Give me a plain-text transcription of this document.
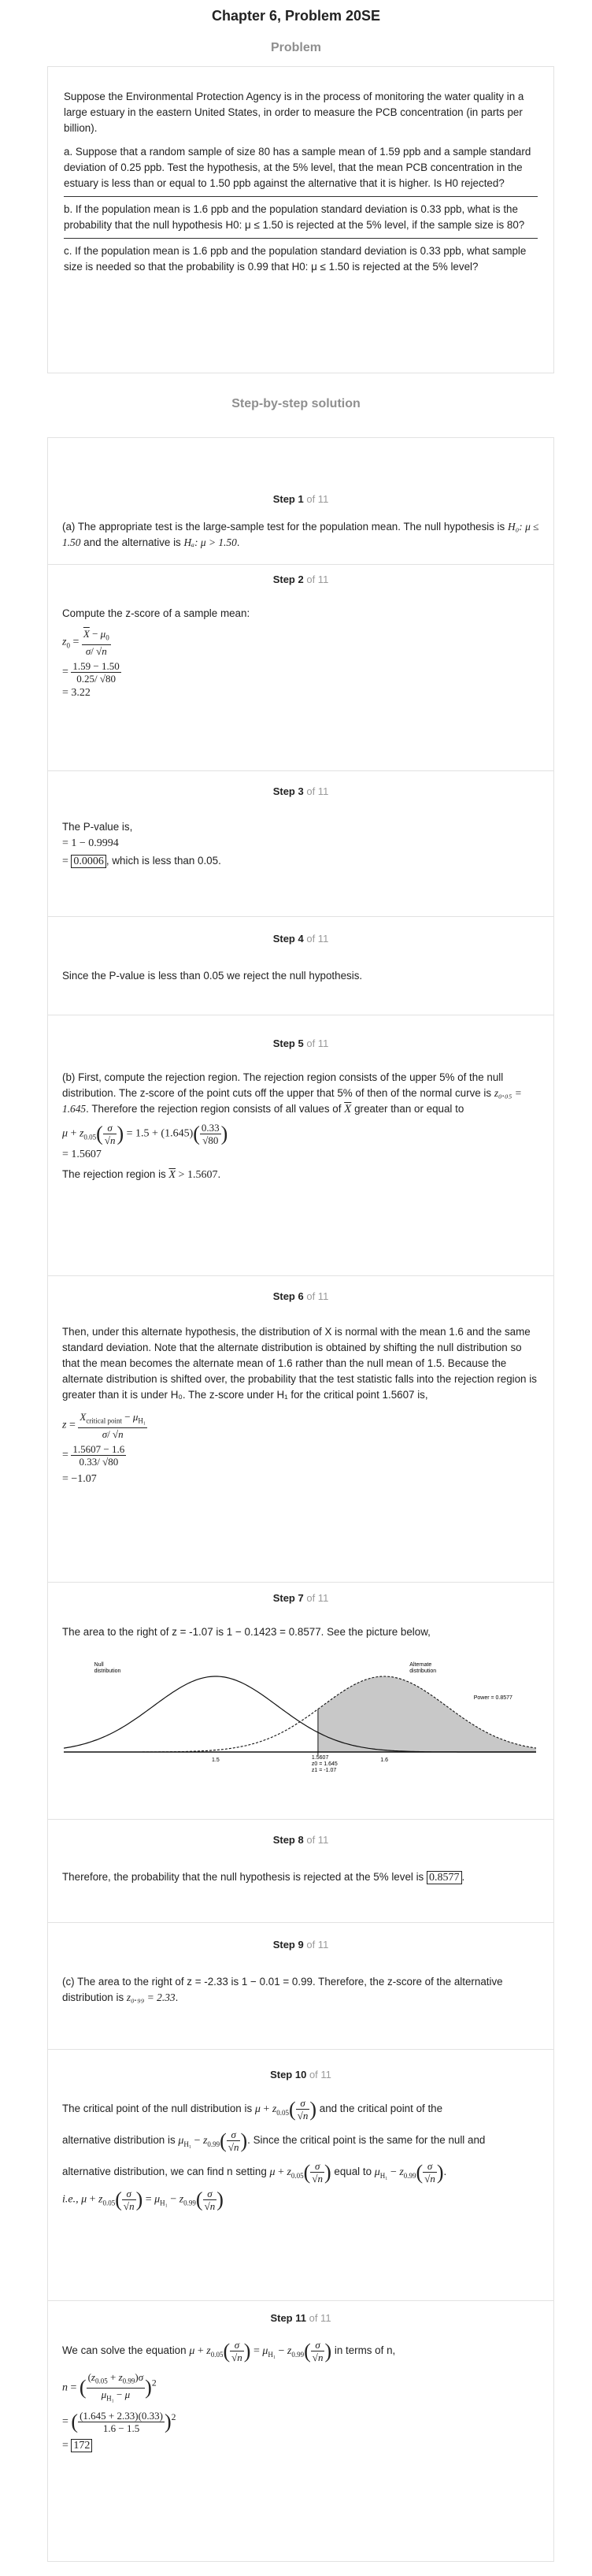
Chapter 6, Problem 20SE
Problem

Suppose the Environmental Protection Agency is in the process of monitoring the water quality in a large estuary in the eastern United States, in order to measure the PCB concentration (in parts per billion).

a. Suppose that a random sample of size 80 has a sample mean of 1.59 ppb and a sample standard deviation of 0.25 ppb. Test the hypothesis, at the 5% level, that the mean PCB concentration in the estuary is less than or equal to 1.50 ppb against the alternative that it is higher. Is H0 rejected?

b. If the population mean is 1.6 ppb and the population standard deviation is 0.33 ppb, what is the probability that the null hypothesis H0: μ ≤ 1.50 is rejected at the 5% level, if the sample size is 80?

c. If the population mean is 1.6 ppb and the population standard deviation is 0.33 ppb, what sample size is needed so that the probability is 0.99 that H0: μ ≤ 1.50 is rejected at the 5% level?

Step-by-step solution
Step 1 of 11
(a) The appropriate test is the large-sample test for the population mean. The null hypothesis is H₀: μ ≤ 1.50 and the alternative is Hₐ: μ > 1.50.
Step 2 of 11
Compute the z-score of a sample mean:
$z_0 = \frac{\overline{X} - \mu_0}{\sigma/ √n}$
= $\frac{1.59 - 1.50}{0.25/ √80}$
= 3.22
Step 3 of 11
The P-value is,
= 1 − 0.9994
= 0.0006 , which is less than 0.05.
Step 4 of 11
Since the P-value is less than 0.05 we reject the null hypothesis.
Step 5 of 11
(b) First, compute the rejection region. The rejection region consists of the upper 5% of the null distribution. The z-score of the point cuts off the upper that 5% of then of the normal curve is z₀.₀₅ = 1.645. Therefore the rejection region consists of all values of $\overline{X}$ greater than or equal to
$\mu + z_{0.05}( \frac{\sigma}{√n}$ ) = $1.5 + (1.645)( \frac{0.33}{√80}$ )
= 1.5607
The rejection region is $\overline{X} > 1.5607$.
Step 6 of 11
Then, under this alternate hypothesis, the distribution of X is normal with the mean 1.6 and the same standard deviation. Note that the alternate distribution is obtained by shifting the null distribution so that the mean becomes the alternate mean of 1.6 rather than the null mean of 1.5. Because the alternate distribution is shifted over, the probability that the test statistic falls into the rejection region is greater than it is under H₀. The z-score under H₁ for the critical point 1.5607 is,
$z = \frac{X_{critical point} - \mu_{H_1}}{\sigma/ √n}$
= $\frac{1.5607 - 1.6}{0.33/ √80}$
= −1.07
Step 7 of 11
The area to the right of z = -1.07 is 1 − 0.1423 = 0.8577. See the picture below,
Null
distribution
Alternate
distribution
Power = 0.8577
1.5	1.5607
z0 = 1.645
z1 = -1.07
1.6
Step 8 of 11
Therefore, the probability that the null hypothesis is rejected at the 5% level is 0.8577 .
Step 9 of 11
(c) The area to the right of z = -2.33 is 1 − 0.01 = 0.99. Therefore, the z-score of the alternative distribution is z₀.₉₉ = 2.33.
Step 10 of 11
The critical point of the null distribution is $\mu + z_{0.05}( \frac{\sigma}{√n}$ ) and the critical point of the
alternative distribution is $\mu_{H_1} - z_{0.99}( \frac{\sigma}{√n}$ ). Since the critical point is the same for the null and
alternative distribution, we can find n setting $\mu + z_{0.05}( \frac{\sigma}{√n}$ ) equal to $\mu_{H_1} - z_{0.99}( \frac{\sigma}{√n}$ ).
i.e., $\mu + z_{0.05}( \frac{\sigma}{√n}$ ) = $\mu_{H_1} - z_{0.99}( \frac{\sigma}{√n}$ )
Step 11 of 11
We can solve the equation $\mu + z_{0.05}( \frac{\sigma}{√n}$ ) = $\mu_{H_1} - z_{0.99}( \frac{\sigma}{√n}$ ) in terms of n,
n = ( $\frac{(z_{0.05} + z_{0.99})\sigma}{\mu_{H_1} - \mu} )^2$
= ( $\frac{(1.645 + 2.33)(0.33)}{1.6 - 1.5} )^2$
= 172
